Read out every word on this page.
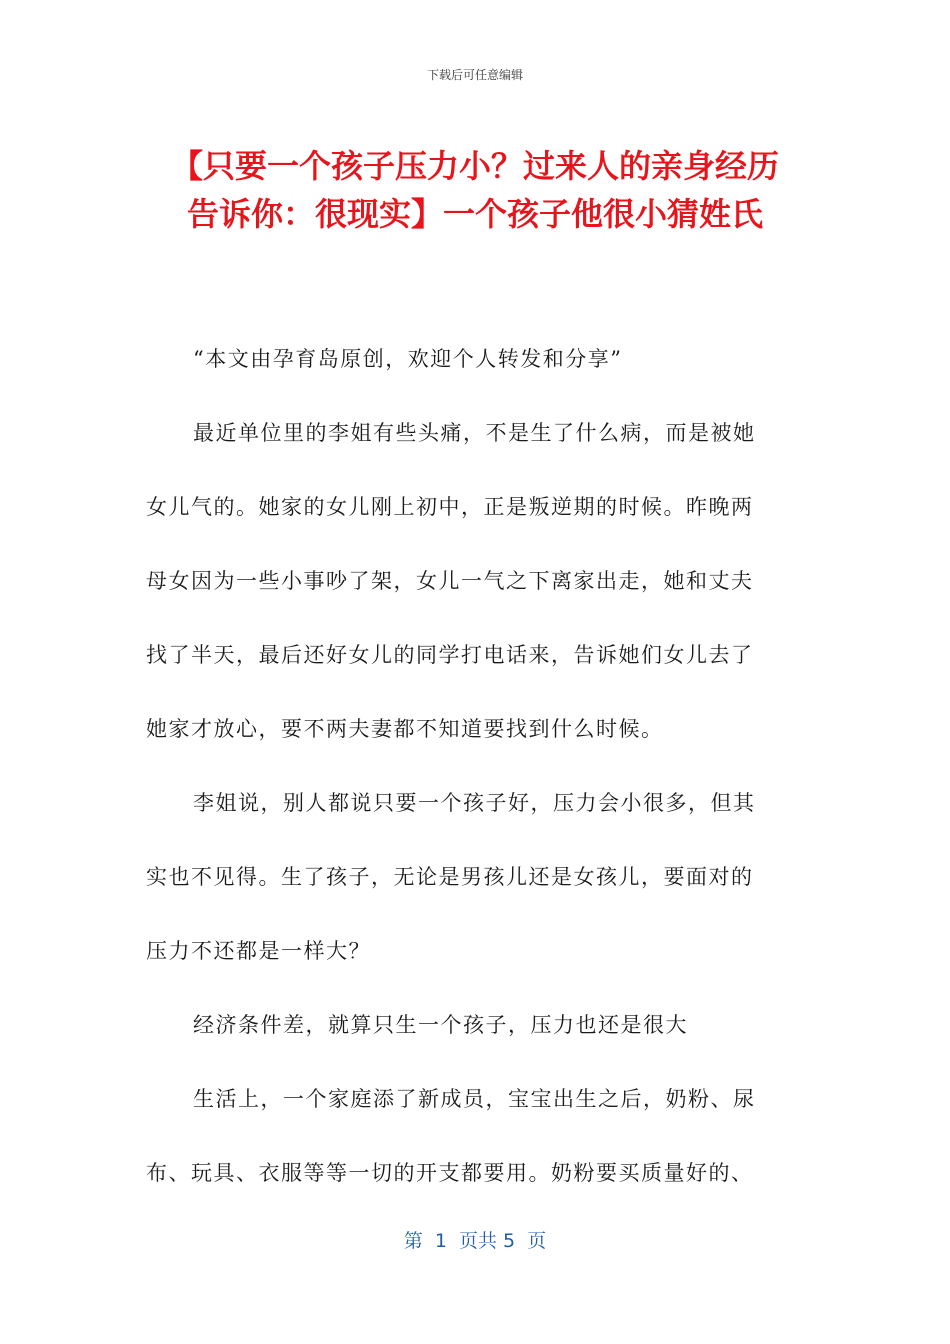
下载后可任意编辑
【只要一个孩子压力小？过来人的亲身经历
告诉你：很现实】一个孩子他很小猜姓氏

“本文由孕育岛原创，欢迎个人转发和分享”

最近单位里的李姐有些头痛，不是生了什么病，而是被她
女儿气的。她家的女儿刚上初中，正是叛逆期的时候。昨晚两
母女因为一些小事吵了架，女儿一气之下离家出走，她和丈夫
找了半天，最后还好女儿的同学打电话来，告诉她们女儿去了
她家才放心，要不两夫妻都不知道要找到什么时候。

李姐说，别人都说只要一个孩子好，压力会小很多，但其
实也不见得。生了孩子，无论是男孩儿还是女孩儿，要面对的
压力不还都是一样大？

经济条件差，就算只生一个孩子，压力也还是很大

生活上，一个家庭添了新成员，宝宝出生之后，奶粉、尿
布、玩具、衣服等等一切的开支都要用。奶粉要买质量好的、

第  1  页共 5  页
